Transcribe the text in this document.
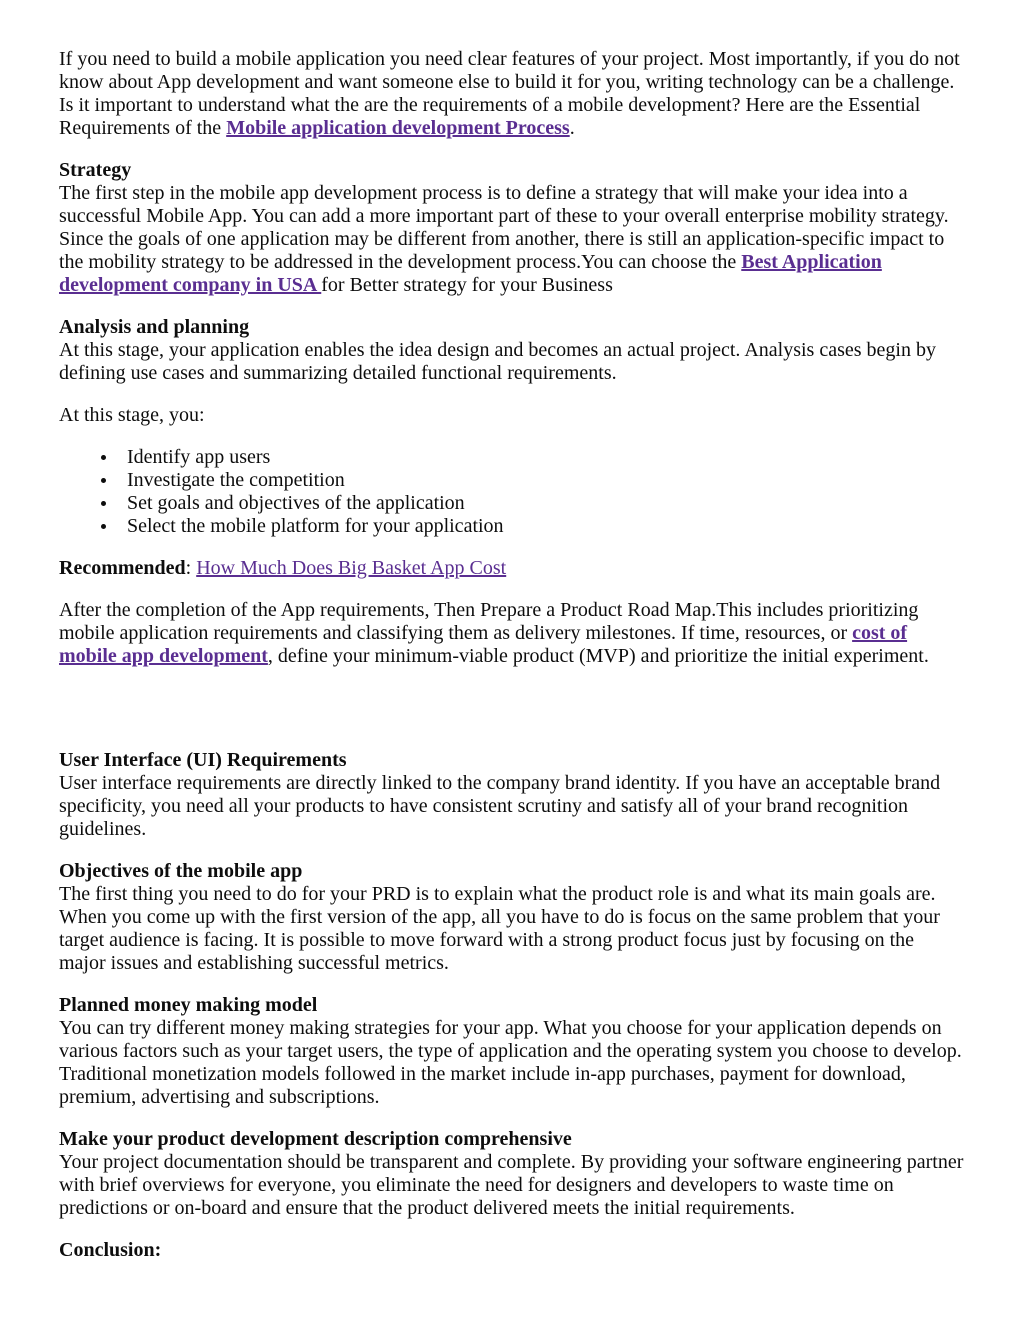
If you need to build a mobile application you need clear features of your project. Most importantly, if you do not know about App development and want someone else to build it for you, writing technology can be a challenge. Is it important to understand what the are the requirements of a mobile development? Here are the Essential Requirements of the Mobile application development Process.

Strategy
The first step in the mobile app development process is to define a strategy that will make your idea into a successful Mobile App. You can add a more important part of these to your overall enterprise mobility strategy. Since the goals of one application may be different from another, there is still an application-specific impact to the mobility strategy to be addressed in the development process.You can choose the Best Application development company in USA for Better strategy for your Business
Analysis and planning
At this stage, your application enables the idea design and becomes an actual project. Analysis cases begin by defining use cases and summarizing detailed functional requirements.

At this stage, you:

• Identify app users
• Investigate the competition
• Set goals and objectives of the application
• Select the mobile platform for your application

Recommended: How Much Does Big Basket App Cost

After the completion of the App requirements, Then Prepare a Product Road Map.This includes prioritizing mobile application requirements and classifying them as delivery milestones. If time, resources, or cost of mobile app development, define your minimum-viable product (MVP) and prioritize the initial experiment.

User Interface (UI) Requirements
User interface requirements are directly linked to the company brand identity. If you have an acceptable brand specificity, you need all your products to have consistent scrutiny and satisfy all of your brand recognition guidelines.
Objectives of the mobile app
The first thing you need to do for your PRD is to explain what the product role is and what its main goals are. When you come up with the first version of the app, all you have to do is focus on the same problem that your target audience is facing. It is possible to move forward with a strong product focus just by focusing on the major issues and establishing successful metrics.
Planned money making model
You can try different money making strategies for your app. What you choose for your application depends on various factors such as your target users, the type of application and the operating system you choose to develop. Traditional monetization models followed in the market include in-app purchases, payment for download, premium, advertising and subscriptions.
Make your product development description comprehensive
Your project documentation should be transparent and complete. By providing your software engineering partner with brief overviews for everyone, you eliminate the need for designers and developers to waste time on predictions or on-board and ensure that the product delivered meets the initial requirements.
Conclusion:
